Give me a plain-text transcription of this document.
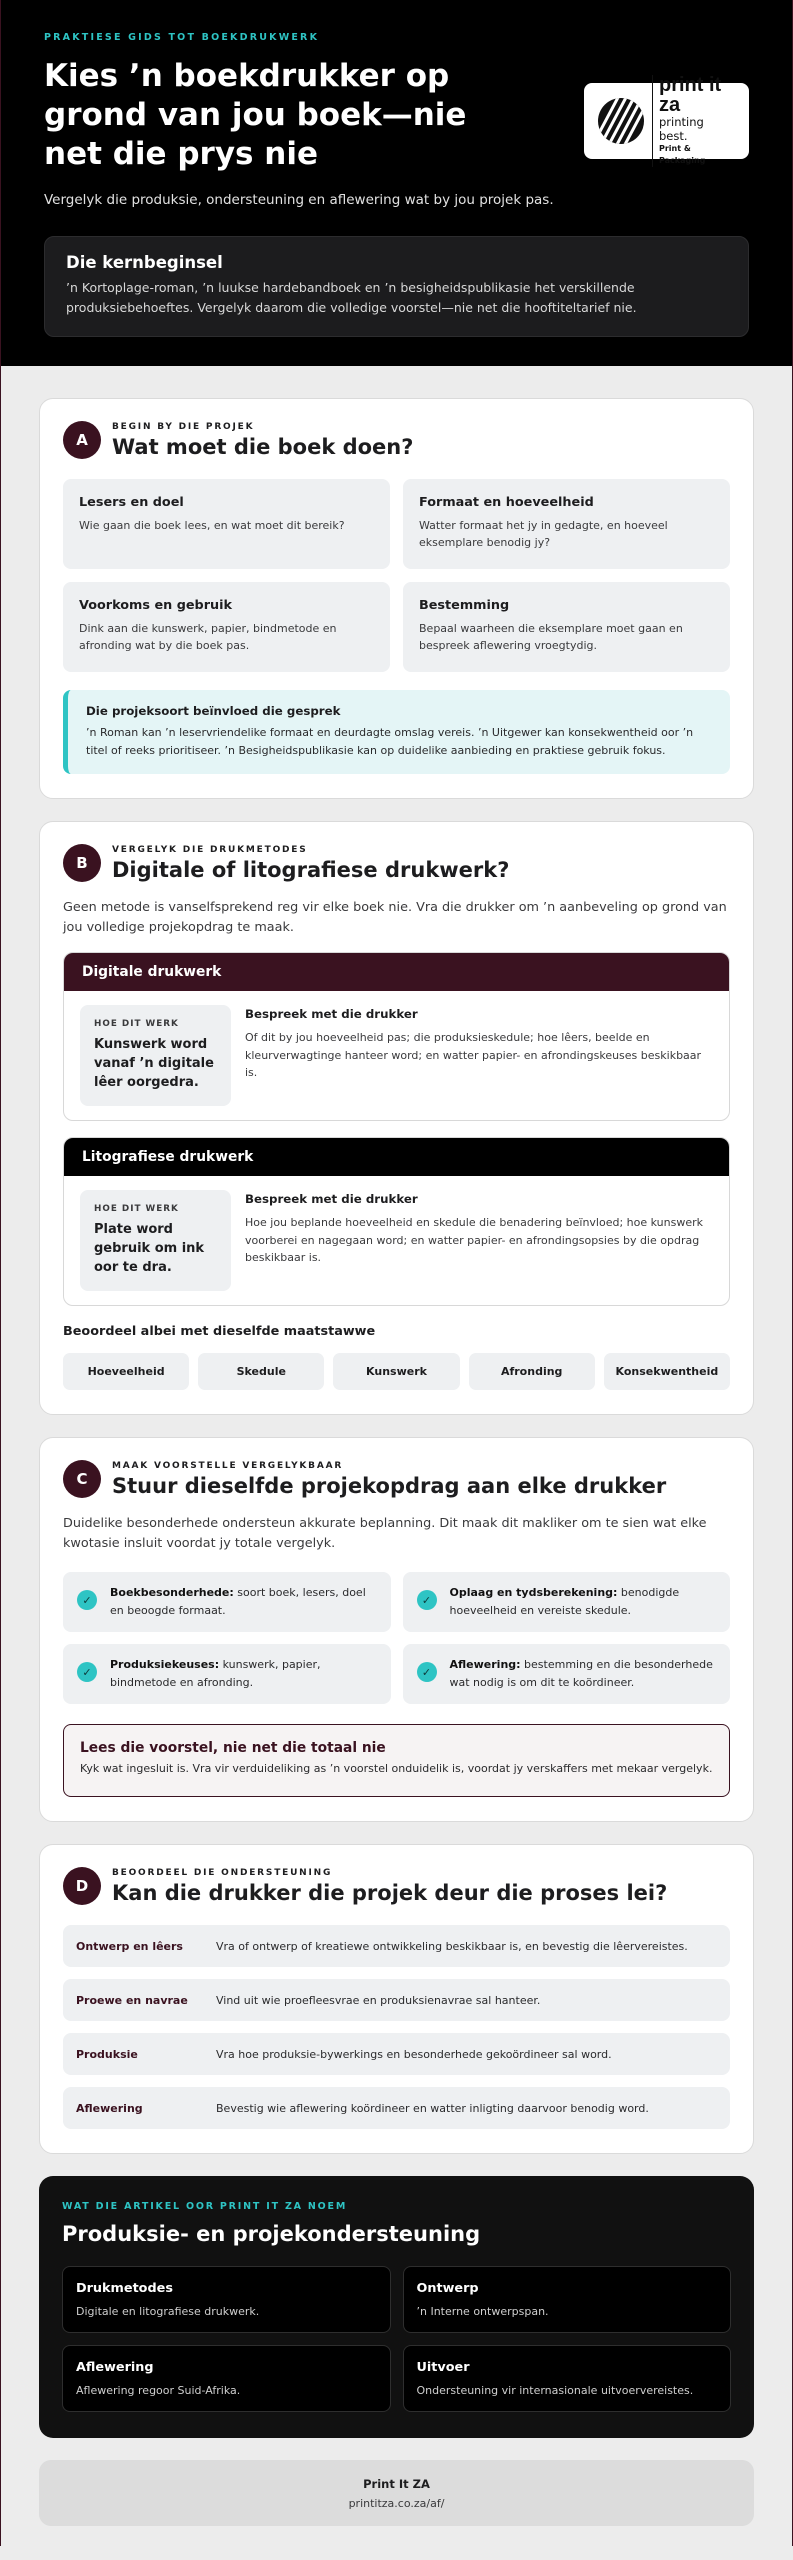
PRAKTIESE GIDS TOT BOEKDRUKWERK
Kies ’n boekdrukker op grond van jou boek—nie net die prys nie

Vergelyk die produksie, ondersteuning en aflewering wat by jou projek pas.

print it za
printing best.
Print & Packaging
Die kernbeginsel

’n Kortoplage-roman, ’n luukse hardebandboek en ’n besigheidspublikasie het verskillende produksiebehoeftes. Vergelyk daarom die volledige voorstel—nie net die hooftiteltarief nie.

A
BEGIN BY DIE PROJEK
Wat moet die boek doen?
Lesers en doel

Wie gaan die boek lees, en wat moet dit bereik?

Formaat en hoeveelheid

Watter formaat het jy in gedagte, en hoeveel eksemplare benodig jy?

Voorkoms en gebruik

Dink aan die kunswerk, papier, bindmetode en afronding wat by die boek pas.

Bestemming

Bepaal waarheen die eksemplare moet gaan en bespreek aflewering vroegtydig.

Die projeksoort beïnvloed die gesprek

’n Roman kan ’n leservriendelike formaat en deurdagte omslag vereis. ’n Uitgewer kan konsekwentheid oor ’n titel of reeks prioritiseer. ’n Besigheidspublikasie kan op duidelike aanbieding en praktiese gebruik fokus.

B
VERGELYK DIE DRUKMETODES
Digitale of litografiese drukwerk?

Geen metode is vanselfsprekend reg vir elke boek nie. Vra die drukker om ’n aanbeveling op grond van jou volledige projekopdrag te maak.

Digitale drukwerk
HOE DIT WERK
Kunswerk word vanaf ’n digitale lêer oorgedra.
Bespreek met die drukker

Of dit by jou hoeveelheid pas; die produksieskedule; hoe lêers, beelde en kleurverwagtinge hanteer word; en watter papier- en afrondingskeuses beskikbaar is.

Litografiese drukwerk
HOE DIT WERK
Plate word gebruik om ink oor te dra.
Bespreek met die drukker

Hoe jou beplande hoeveelheid en skedule die benadering beïnvloed; hoe kunswerk voorberei en nagegaan word; en watter papier- en afrondingsopsies by die opdrag beskikbaar is.

Beoordeel albei met dieselfde maatstawwe
Hoeveelheid	Skedule	Kunswerk	Afronding	Konsekwentheid
C
MAAK VOORSTELLE VERGELYKBAAR
Stuur dieselfde projekopdrag aan elke drukker

Duidelike besonderhede ondersteun akkurate beplanning. Dit maak dit makliker om te sien wat elke kwotasie insluit voordat jy totale vergelyk.

✓

Boekbesonderhede: soort boek, lesers, doel en beoogde formaat.

✓

Oplaag en tydsberekening: benodigde hoeveelheid en vereiste skedule.

✓

Produksiekeuses: kunswerk, papier, bindmetode en afronding.

✓

Aflewering: bestemming en die besonderhede wat nodig is om dit te koördineer.

Lees die voorstel, nie net die totaal nie

Kyk wat ingesluit is. Vra vir verduideliking as ’n voorstel onduidelik is, voordat jy verskaffers met mekaar vergelyk.

D
BEOORDEEL DIE ONDERSTEUNING
Kan die drukker die projek deur die proses lei?
Ontwerp en lêers	Vra of ontwerp of kreatiewe ontwikkeling beskikbaar is, en bevestig die lêervereistes.
Proewe en navrae	Vind uit wie proefleesvrae en produksienavrae sal hanteer.
Produksie	Vra hoe produksie-bywerkings en besonderhede gekoördineer sal word.
Aflewering	Bevestig wie aflewering koördineer en watter inligting daarvoor benodig word.
WAT DIE ARTIKEL OOR PRINT IT ZA NOEM
Produksie- en projekondersteuning
Drukmetodes

Digitale en litografiese drukwerk.

Ontwerp

’n Interne ontwerpspan.

Aflewering

Aflewering regoor Suid-Afrika.

Uitvoer

Ondersteuning vir internasionale uitvoervereistes.

Print It ZA
printitza.co.za/af/
